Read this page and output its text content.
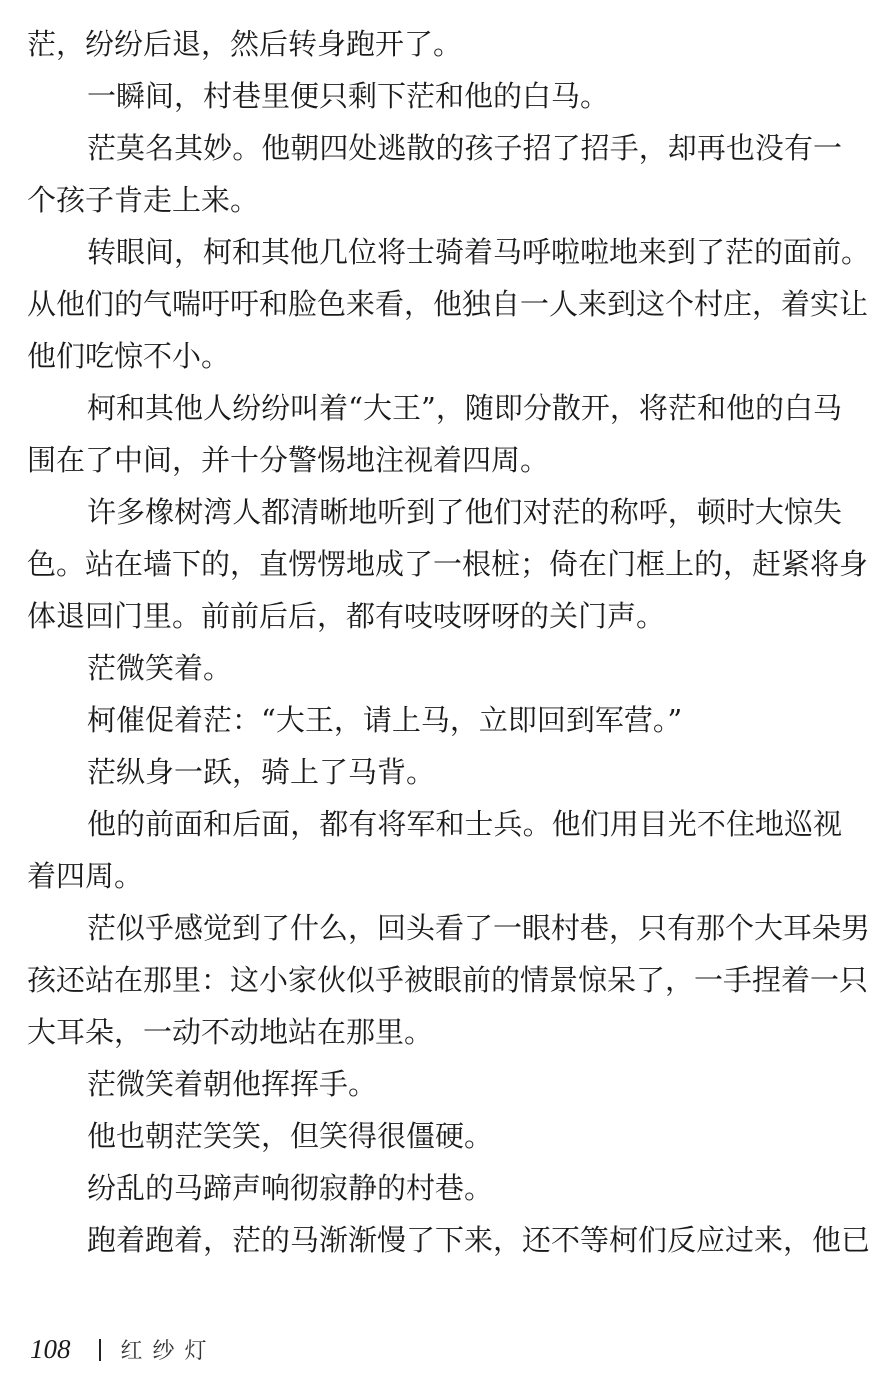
茫，纷纷后退，然后转身跑开了。
一瞬间，村巷里便只剩下茫和他的白马。
茫莫名其妙。他朝四处逃散的孩子招了招手，却再也没有一
个孩子肯走上来。
转眼间，柯和其他几位将士骑着马呼啦啦地来到了茫的面前。
从他们的气喘吁吁和脸色来看，他独自一人来到这个村庄，着实让
他们吃惊不小。
柯和其他人纷纷叫着“大王”，随即分散开，将茫和他的白马
围在了中间，并十分警惕地注视着四周。
许多橡树湾人都清晰地听到了他们对茫的称呼，顿时大惊失
色。站在墙下的，直愣愣地成了一根桩；倚在门框上的，赶紧将身
体退回门里。前前后后，都有吱吱呀呀的关门声。
茫微笑着。
柯催促着茫：“大王，请上马，立即回到军营。”
茫纵身一跃，骑上了马背。
他的前面和后面，都有将军和士兵。他们用目光不住地巡视
着四周。
茫似乎感觉到了什么，回头看了一眼村巷，只有那个大耳朵男
孩还站在那里：这小家伙似乎被眼前的情景惊呆了，一手捏着一只
大耳朵，一动不动地站在那里。
茫微笑着朝他挥挥手。
他也朝茫笑笑，但笑得很僵硬。
纷乱的马蹄声响彻寂静的村巷。
跑着跑着，茫的马渐渐慢了下来，还不等柯们反应过来，他已
108 红纱灯
